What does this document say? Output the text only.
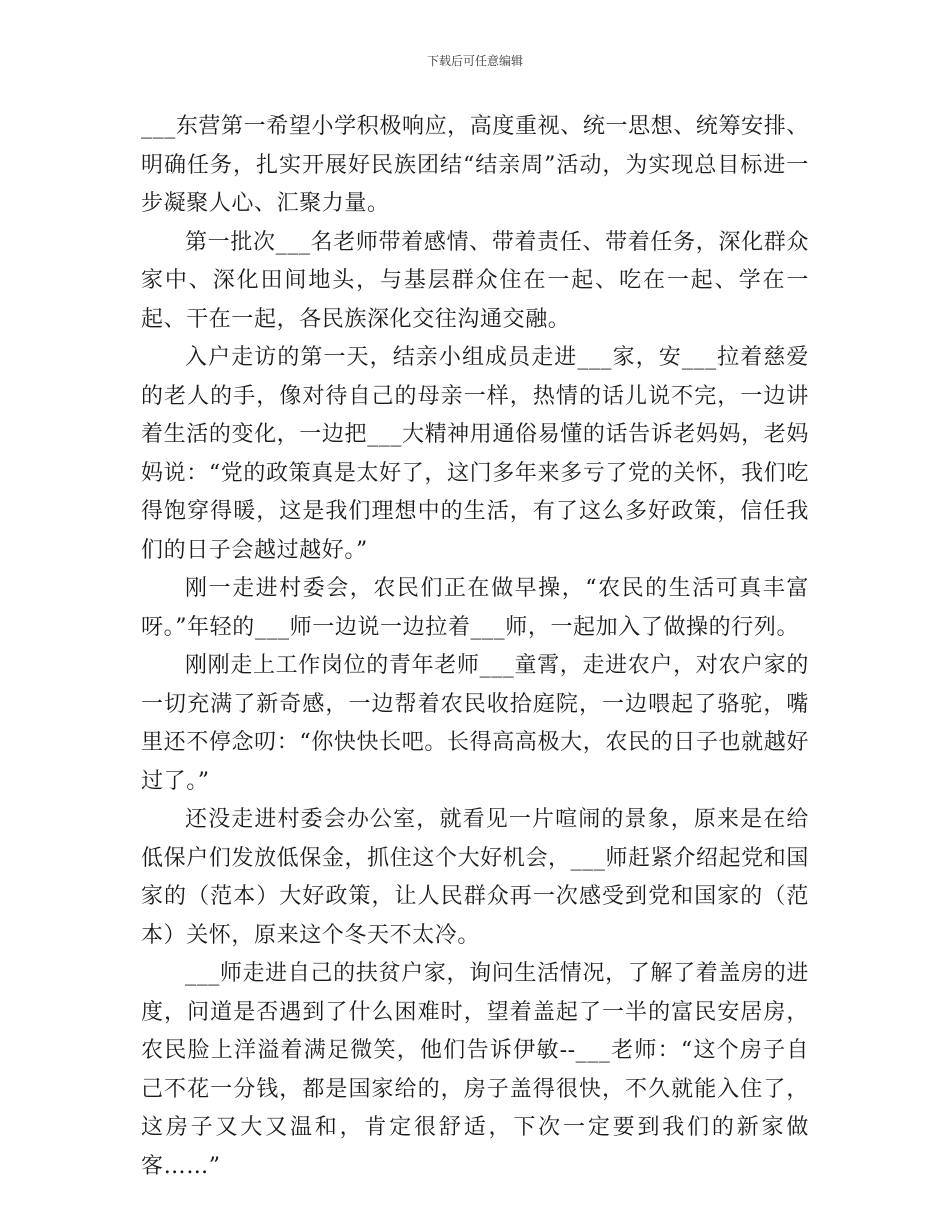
下载后可任意编辑

___东营第一希望小学积极响应，高度重视、统一思想、统筹安排、明确任务，扎实开展好民族团结“结亲周”活动，为实现总目标进一步凝聚人心、汇聚力量。

第一批次___名老师带着感情、带着责任、带着任务，深化群众家中、深化田间地头，与基层群众住在一起、吃在一起、学在一起、干在一起，各民族深化交往沟通交融。

入户走访的第一天，结亲小组成员走进___家，安___拉着慈爱的老人的手，像对待自己的母亲一样，热情的话儿说不完，一边讲着生活的变化，一边把___大精神用通俗易懂的话告诉老妈妈，老妈妈说：“党的政策真是太好了，这门多年来多亏了党的关怀，我们吃得饱穿得暖，这是我们理想中的生活，有了这么多好政策，信任我们的日子会越过越好。”

刚一走进村委会，农民们正在做早操，“农民的生活可真丰富呀。”年轻的___师一边说一边拉着___师，一起加入了做操的行列。

刚刚走上工作岗位的青年老师___童霄，走进农户，对农户家的一切充满了新奇感，一边帮着农民收拾庭院，一边喂起了骆驼，嘴里还不停念叨：“你快快长吧。长得高高极大，农民的日子也就越好过了。”

还没走进村委会办公室，就看见一片喧闹的景象，原来是在给低保户们发放低保金，抓住这个大好机会，___师赶紧介绍起党和国家的（范本）大好政策，让人民群众再一次感受到党和国家的（范本）关怀，原来这个冬天不太冷。

___师走进自己的扶贫户家，询问生活情况，了解了着盖房的进度，问道是否遇到了什么困难时，望着盖起了一半的富民安居房，农民脸上洋溢着满足微笑，他们告诉伊敏--___老师：“这个房子自己不花一分钱，都是国家给的，房子盖得很快，不久就能入住了，这房子又大又温和，肯定很舒适，下次一定要到我们的新家做客……”
